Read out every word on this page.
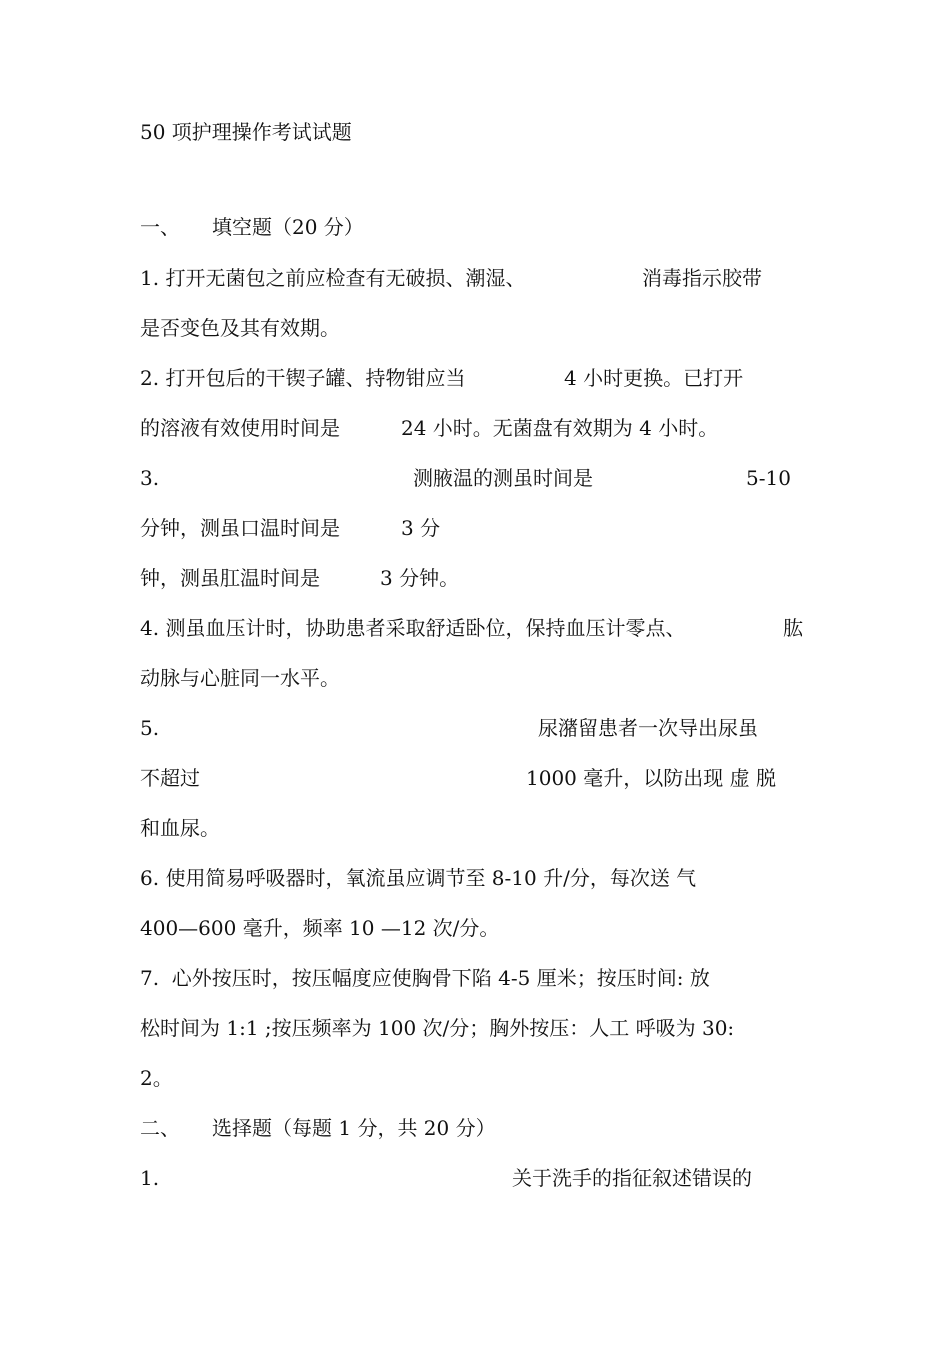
50 项护理操作考试试题
一、 填空题（20 分）
1. 打开无菌包之前应检查有无破损、潮湿、	消毒指示胶带
是否变色及其有效期。
2. 打开包后的干锲子罐、持物钳应当	4 小时更换。已打开
的溶液有效使用时间是	24 小时。无菌盘有效期为 4 小时。
3.	测腋温的测虽时间是	5-10
分钟，测虽口温时间是	3 分
钟，测虽肛温时间是	3 分钟。
4. 测虽血压计时，协助患者采取舒适卧位，保持血压计零点、	肱
动脉与心脏同一水平。
5.	尿潴留患者一次导出尿虽
不超过	1000 毫升，以防出现 虚 脱
和血尿。
6. 使用简易呼吸器时，氧流虽应调节至 8-10 升/分，每次送 气
400—600 毫升，频率 10 —12 次/分。
7.  心外按压时，按压幅度应使胸骨下陷 4-5 厘米；按压时间: 放
松时间为 1:1 ;按压频率为 100 次/分；胸外按压：人工 呼吸为 30:
2。
二、 选择题（每题 1 分，共 20 分）
1.	关于洗手的指征叙述错误的
